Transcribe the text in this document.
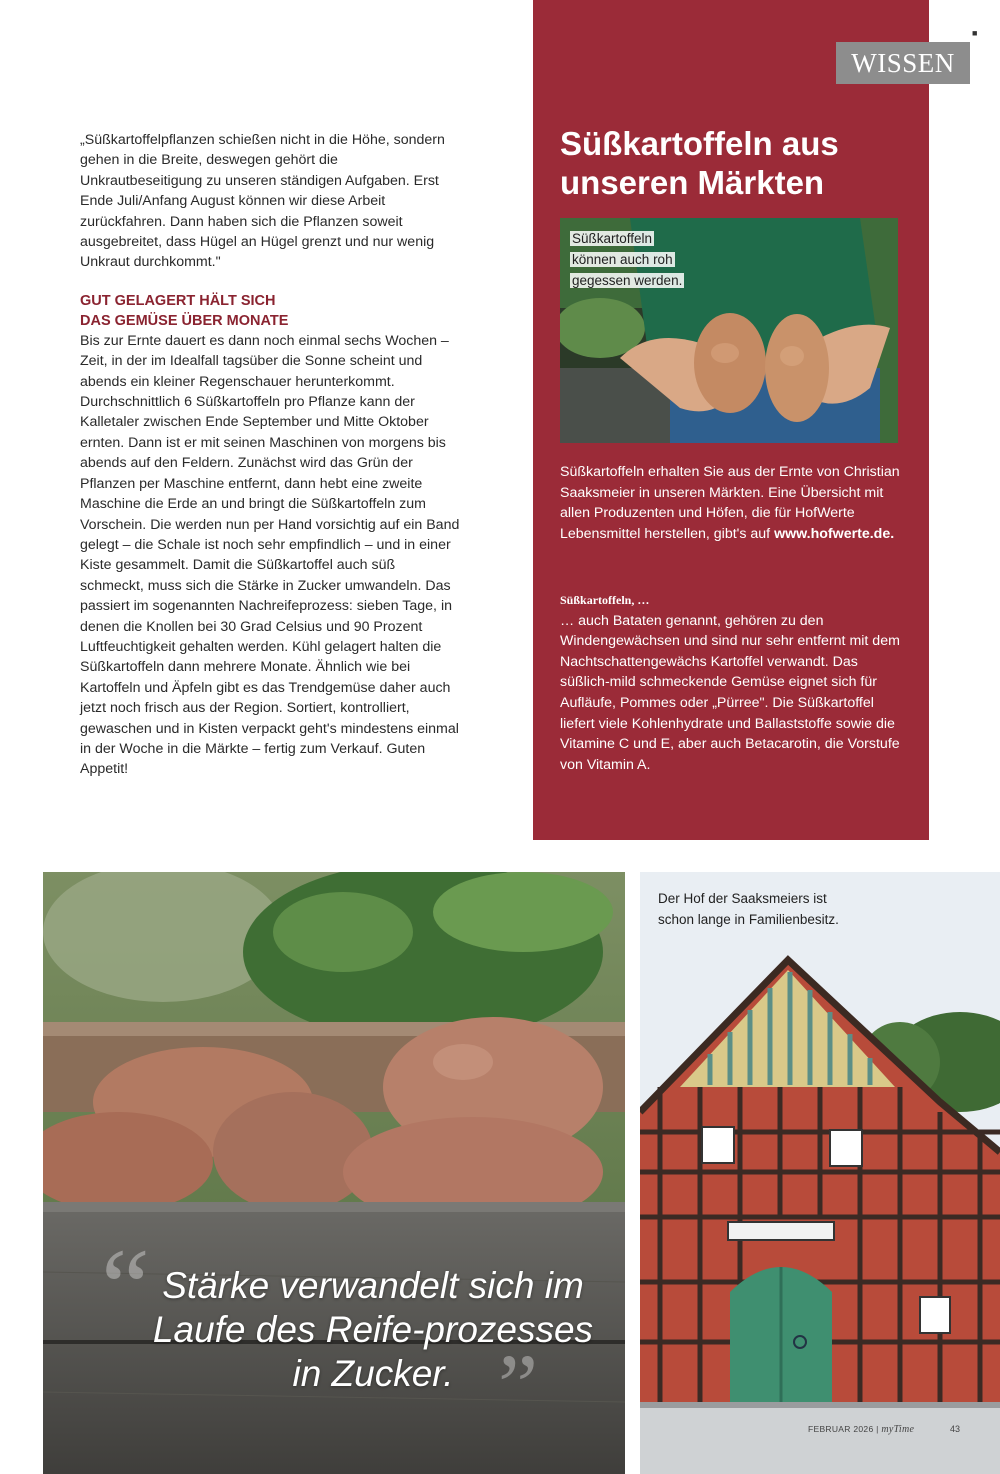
„Süßkartoffelpflanzen schießen nicht in die Höhe, sondern gehen in die Breite, deswegen gehört die Unkrautbeseitigung zu unseren ständigen Aufgaben. Erst Ende Juli/Anfang August können wir diese Arbeit zurückfahren. Dann haben sich die Pflanzen soweit ausgebreitet, dass Hügel an Hügel grenzt und nur wenig Unkraut durchkommt."

GUT GELAGERT HÄLT SICH

DAS GEMÜSE ÜBER MONATE

Bis zur Ernte dauert es dann noch einmal sechs Wochen – Zeit, in der im Idealfall tagsüber die Sonne scheint und abends ein kleiner Regenschauer herunterkommt. Durchschnittlich 6 Süßkartoffeln pro Pflanze kann der Kalletaler zwischen Ende September und Mitte Oktober ernten. Dann ist er mit seinen Maschinen von morgens bis abends auf den Feldern. Zunächst wird das Grün der Pflanzen per Maschine entfernt, dann hebt eine zweite Maschine die Erde an und bringt die Süßkartoffeln zum Vorschein. Die werden nun per Hand vorsichtig auf ein Band gelegt – die Schale ist noch sehr empfindlich – und in einer Kiste gesammelt. Damit die Süßkartoffel auch süß schmeckt, muss sich die Stärke in Zucker umwandeln. Das passiert im sogenannten Nachreifeprozess: sieben Tage, in denen die Knollen bei 30 Grad Celsius und 90 Prozent Luftfeuchtigkeit gehalten werden. Kühl gelagert halten die Süßkartoffeln dann mehrere Monate. Ähnlich wie bei Kartoffeln und Äpfeln gibt es das Trendgemüse daher auch jetzt noch frisch aus der Region. Sortiert, kontrolliert, gewaschen und in Kisten verpackt geht's mindestens einmal in der Woche in die Märkte – fertig zum Verkauf. Guten Appetit!

Süßkartoffeln aus
unseren Märkten
Süßkartoffeln
können auch roh
gegessen werden.

Süßkartoffeln erhalten Sie aus der Ernte von Christian Saaksmeier in unseren Märkten. Eine Übersicht mit allen Produzenten und Höfen, die für HofWerte Lebensmittel herstellen, gibt's auf www.hofwerte.de.

Süßkartoffeln, …

… auch Bataten genannt, gehören zu den Windengewächsen und sind nur sehr entfernt mit dem Nachtschattengewächs Kartoffel verwandt. Das süßlich-mild schmeckende Gemüse eignet sich für Aufläufe, Pommes oder „Pürree". Die Süßkartoffel liefert viele Kohlenhydrate und Ballaststoffe sowie die Vitamine C und E, aber auch Betacarotin, die Vorstufe von Vitamin A.

WISSEN
■
“
”
Stärke verwandelt sich im Laufe des Reife-prozesses in Zucker.
Der Hof der Saaksmeiers ist schon lange in Familienbesitz.
FEBRUAR 2026 | myTime	43
